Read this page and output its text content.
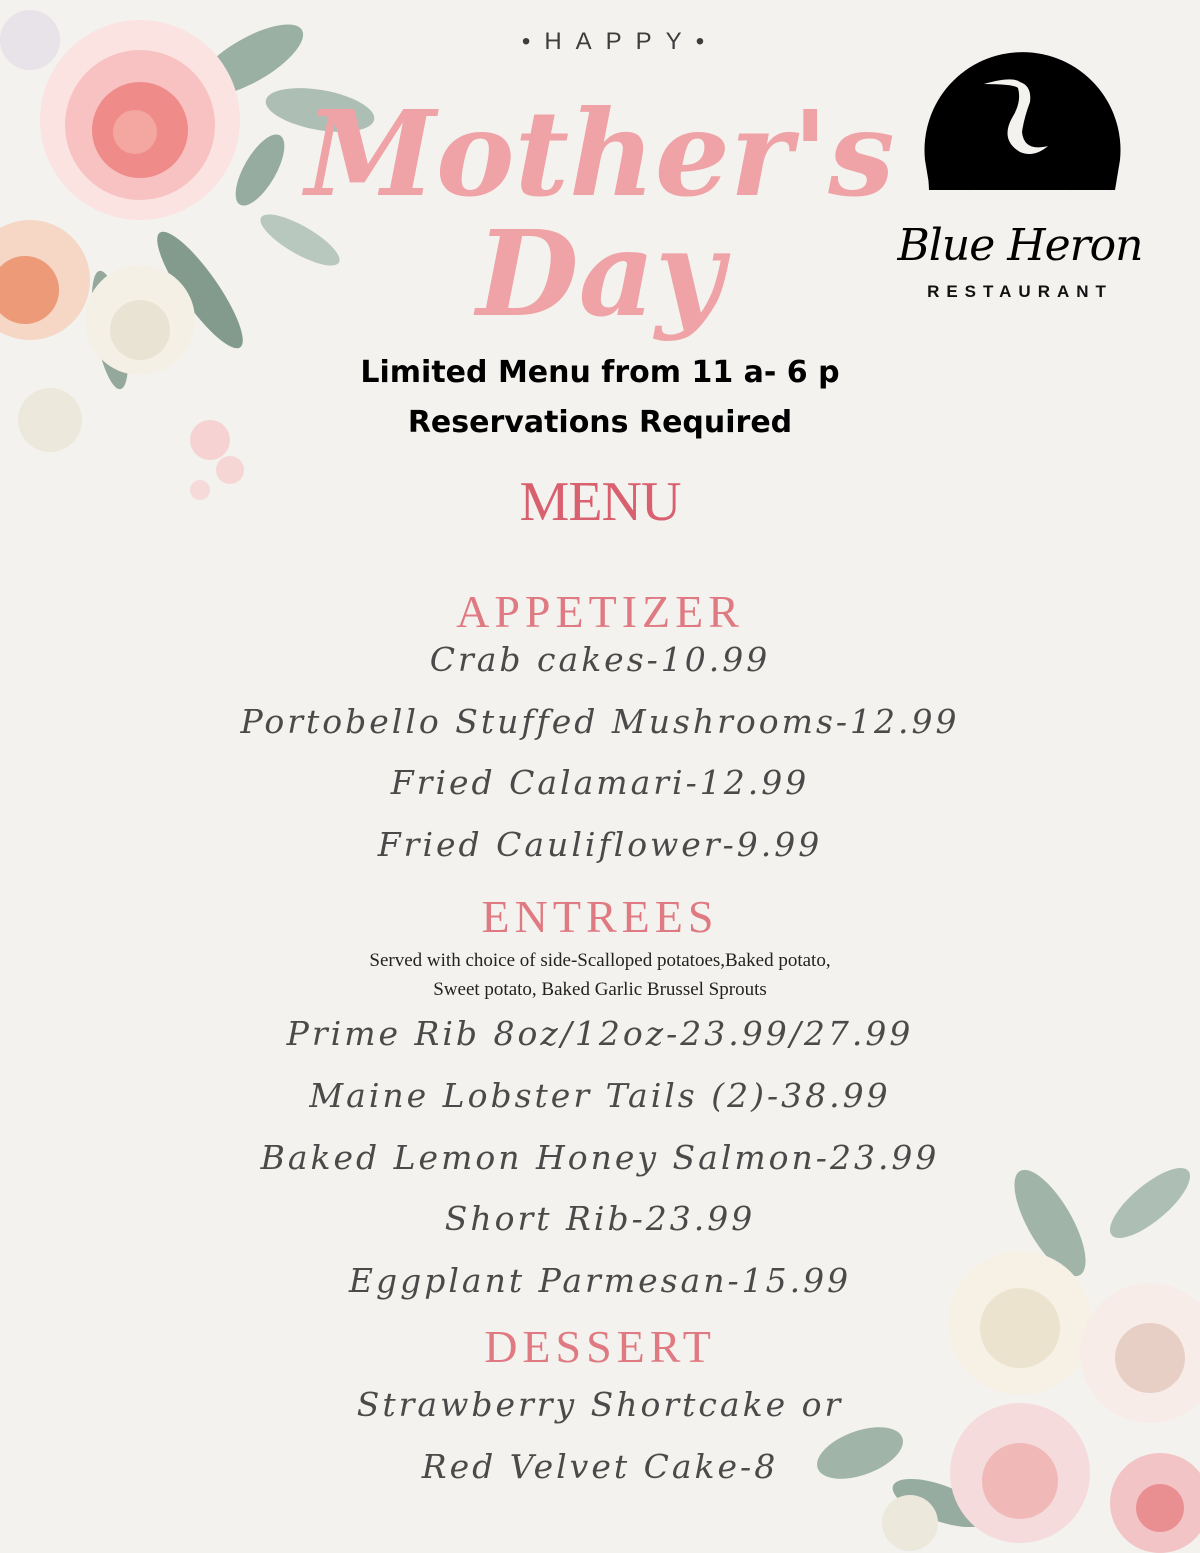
•HAPPY•
Mother's
Day	Blue Heron
RESTAURANT
Limited Menu from 11 a- 6 p
Reservations Required
MENU
APPETIZER
Crab cakes-10.99
Portobello Stuffed Mushrooms-12.99
Fried Calamari-12.99
Fried Cauliflower-9.99
ENTREES
Served with choice of side-Scalloped potatoes,Baked potato,
Sweet potato, Baked Garlic Brussel Sprouts
Prime Rib 8oz/12oz-23.99/27.99
Maine Lobster Tails (2)-38.99
Baked Lemon Honey Salmon-23.99
Short Rib-23.99
Eggplant Parmesan-15.99
DESSERT
Strawberry Shortcake or
Red Velvet Cake-8
